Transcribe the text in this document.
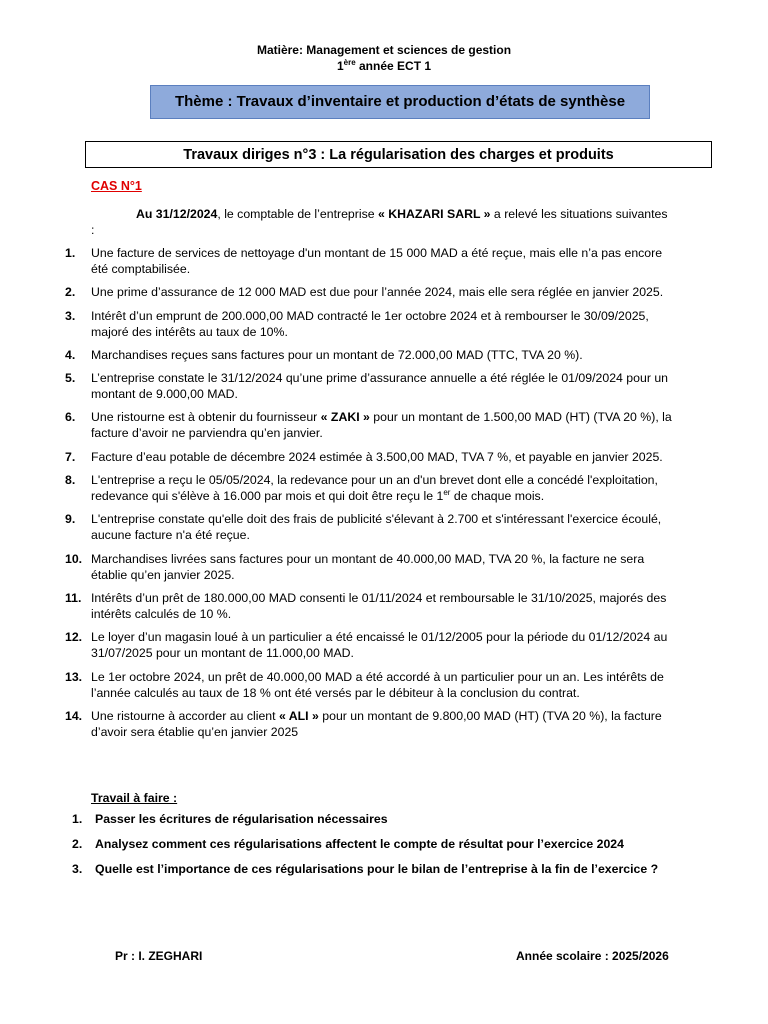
Matière: Management et sciences de gestion
1ère année ECT 1
Thème : Travaux d’inventaire et production d’états de synthèse
Travaux diriges n°3 : La régularisation des charges et produits
CAS N°1
Au 31/12/2024, le comptable de l’entreprise « KHAZARI SARL » a relevé les situations suivantes :
1.	Une facture de services de nettoyage d'un montant de 15 000 MAD a été reçue, mais elle n’a pas encore été comptabilisée.
2.	Une prime d’assurance de 12 000 MAD est due pour l’année 2024, mais elle sera réglée en janvier 2025.
3.	Intérêt d’un emprunt de 200.000,00 MAD contracté le 1er octobre 2024 et à rembourser le 30/09/2025, majoré des intérêts au taux de 10%.
4.	Marchandises reçues sans factures pour un montant de 72.000,00 MAD (TTC, TVA 20 %).
5.	L’entreprise constate le 31/12/2024 qu’une prime d’assurance annuelle a été réglée le 01/09/2024 pour un montant de 9.000,00 MAD.
6.	Une ristourne est à obtenir du fournisseur « ZAKI » pour un montant de 1.500,00 MAD (HT) (TVA 20 %), la facture d’avoir ne parviendra qu’en janvier.
7.	Facture d’eau potable de décembre 2024 estimée à 3.500,00 MAD, TVA 7 %, et payable en janvier 2025.
8.	L'entreprise a reçu le 05/05/2024, la redevance pour un an d'un brevet dont elle a concédé l'exploitation, redevance qui s'élève à 16.000 par mois et qui doit être reçu le 1er de chaque mois.
9.	L'entreprise constate qu'elle doit des frais de publicité s'élevant à 2.700 et s'intéressant l'exercice écoulé, aucune facture n'a été reçue.
10. Marchandises livrées sans factures pour un montant de 40.000,00 MAD, TVA 20 %, la facture ne sera établie qu’en janvier 2025.
11. Intérêts d’un prêt de 180.000,00 MAD consenti le 01/11/2024 et remboursable le 31/10/2025, majorés des intérêts calculés de 10 %.
12. Le loyer d’un magasin loué à un particulier a été encaissé le 01/12/2005 pour la période du 01/12/2024 au 31/07/2025 pour un montant de 11.000,00 MAD.
13. Le 1er octobre 2024, un prêt de 40.000,00 MAD a été accordé à un particulier pour un an. Les intérêts de l’année calculés au taux de 18 % ont été versés par le débiteur à la conclusion du contrat.
14. Une ristourne à accorder au client « ALI » pour un montant de 9.800,00 MAD (HT) (TVA 20 %), la facture d’avoir sera établie qu’en janvier 2025
Travail à faire :
1. Passer les écritures de régularisation nécessaires
2. Analysez comment ces régularisations affectent le compte de résultat pour l’exercice 2024
3. Quelle est l’importance de ces régularisations pour le bilan de l’entreprise à la fin de l’exercice ?
Pr : I. ZEGHARI	Année scolaire : 2025/2026
